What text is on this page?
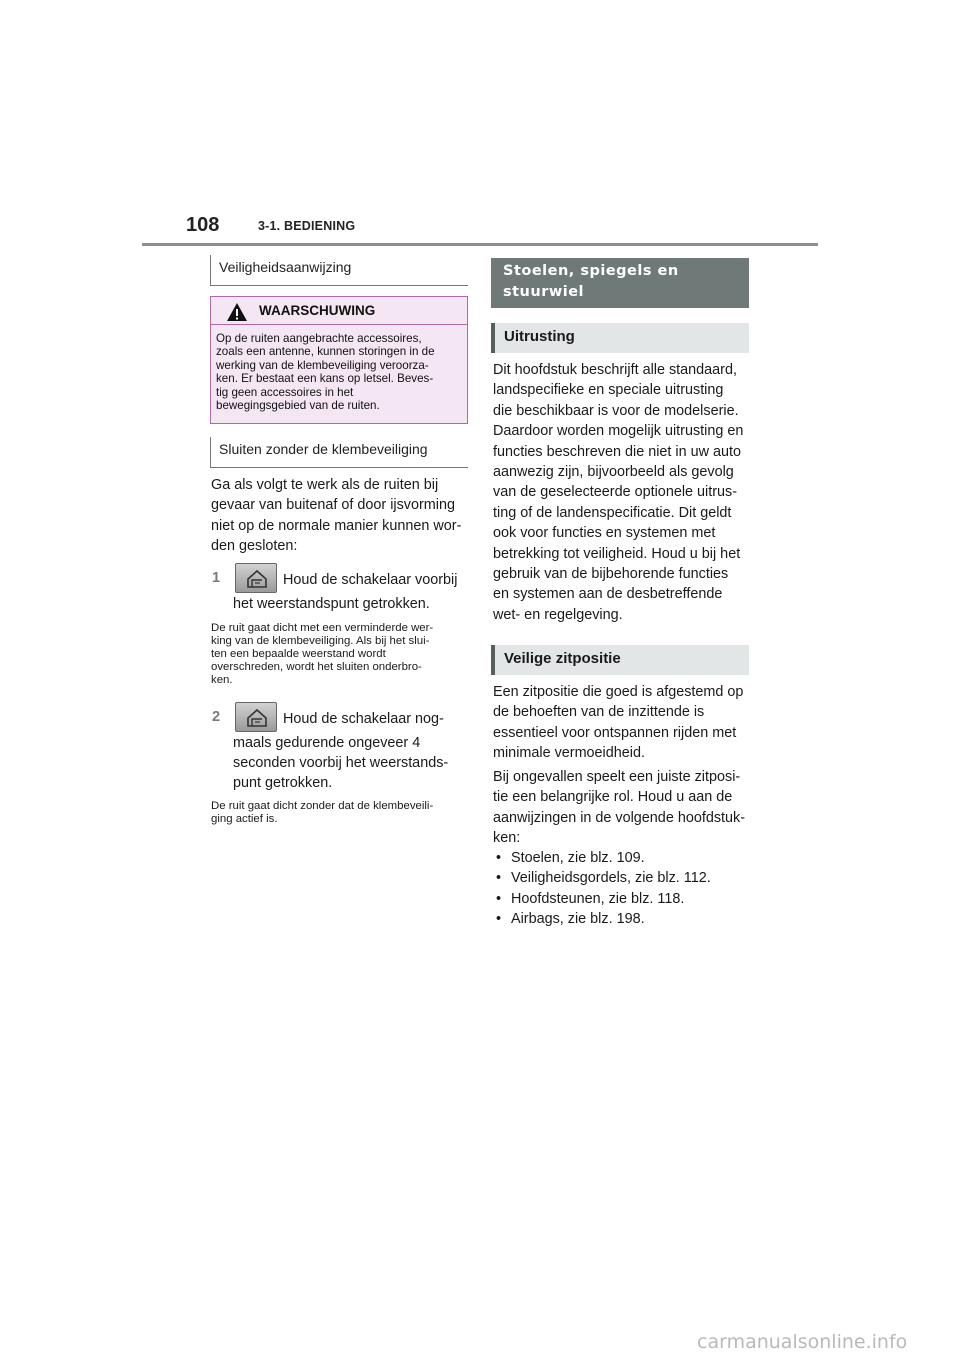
108	3-1. BEDIENING
Veiligheidsaanwijzing
WAARSCHUWING
Op de ruiten aangebrachte accessoires,
zoals een antenne, kunnen storingen in de
werking van de klembeveiliging veroorza-
ken. Er bestaat een kans op letsel. Beves-
tig geen accessoires in het
bewegingsgebied van de ruiten.
Sluiten zonder de klembeveiliging
Ga als volgt te werk als de ruiten bij
gevaar van buitenaf of door ijsvorming
niet op de normale manier kunnen wor-
den gesloten:
1	Houd de schakelaar voorbij
het weerstandspunt getrokken.
De ruit gaat dicht met een verminderde wer-
king van de klembeveiliging. Als bij het slui-
ten een bepaalde weerstand wordt
overschreden, wordt het sluiten onderbro-
ken.
2	Houd de schakelaar nog-
maals gedurende ongeveer 4
seconden voorbij het weerstands-
punt getrokken.
De ruit gaat dicht zonder dat de klembeveili-
ging actief is.
Stoelen, spiegels en
stuurwiel
Uitrusting
Dit hoofdstuk beschrijft alle standaard,
landspecifieke en speciale uitrusting
die beschikbaar is voor de modelserie.
Daardoor worden mogelijk uitrusting en
functies beschreven die niet in uw auto
aanwezig zijn, bijvoorbeeld als gevolg
van de geselecteerde optionele uitrus-
ting of de landenspecificatie. Dit geldt
ook voor functies en systemen met
betrekking tot veiligheid. Houd u bij het
gebruik van de bijbehorende functies
en systemen aan de desbetreffende
wet- en regelgeving.
Veilige zitpositie
Een zitpositie die goed is afgestemd op
de behoeften van de inzittende is
essentieel voor ontspannen rijden met
minimale vermoeidheid.
Bij ongevallen speelt een juiste zitposi-
tie een belangrijke rol. Houd u aan de
aanwijzingen in de volgende hoofdstuk-
ken:
• Stoelen, zie blz. 109.
• Veiligheidsgordels, zie blz. 112.
• Hoofdsteunen, zie blz. 118.
• Airbags, zie blz. 198.
carmanualsonline.info
